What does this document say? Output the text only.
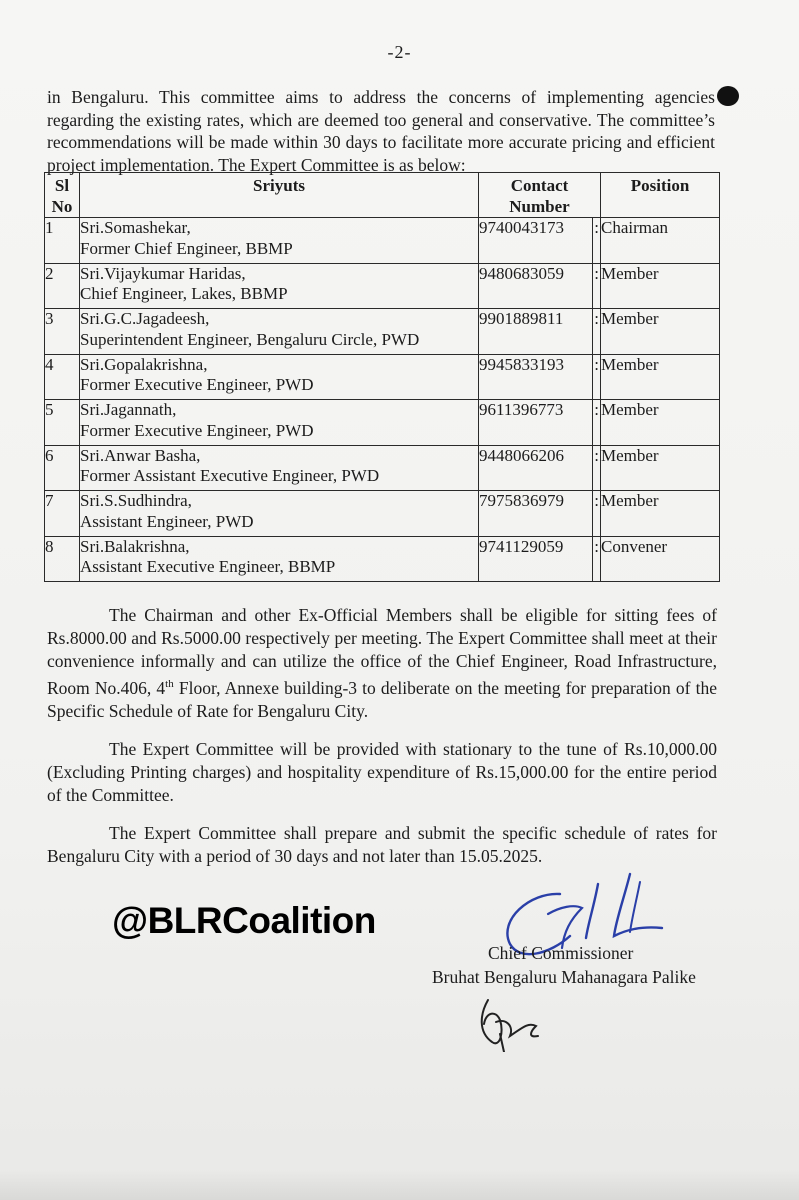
-2-
in Bengaluru. This committee aims to address the concerns of implementing agencies regarding the existing rates, which are deemed too general and conservative. The committee’s recommendations will be made within 30 days to facilitate more accurate pricing and efficient project implementation. The Expert Committee is as below:
Sl No	Sriyuts	Contact Number		Position
1	Sri.Somashekar,
Former Chief Engineer, BBMP	9740043173	:	Chairman
2	Sri.Vijaykumar Haridas,
Chief Engineer, Lakes, BBMP	9480683059	:	Member
3	Sri.G.C.Jagadeesh,
Superintendent Engineer, Bengaluru Circle, PWD	9901889811	:	Member
4	Sri.Gopalakrishna,
Former Executive Engineer, PWD	9945833193	:	Member
5	Sri.Jagannath,
Former Executive Engineer, PWD	9611396773	:	Member
6	Sri.Anwar Basha,
Former Assistant Executive Engineer, PWD	9448066206	:	Member
7	Sri.S.Sudhindra,
Assistant Engineer, PWD	7975836979	:	Member
8	Sri.Balakrishna,
Assistant Executive Engineer, BBMP	9741129059	:	Convener
The Chairman and other Ex-Official Members shall be eligible for sitting fees of Rs.8000.00 and Rs.5000.00 respectively per meeting. The Expert Committee shall meet at their convenience informally and can utilize the office of the Chief Engineer, Road Infrastructure, Room No.406, 4th Floor, Annexe building-3 to deliberate on the meeting for preparation of the Specific Schedule of Rate for Bengaluru City.
The Expert Committee will be provided with stationary to the tune of Rs.10,000.00 (Excluding Printing charges) and hospitality expenditure of Rs.15,000.00 for the entire period of the Committee.
The Expert Committee shall prepare and submit the specific schedule of rates for Bengaluru City with a period of 30 days and not later than 15.05.2025.
@BLRCoalition
Chief Commissioner
Bruhat Bengaluru Mahanagara Palike
